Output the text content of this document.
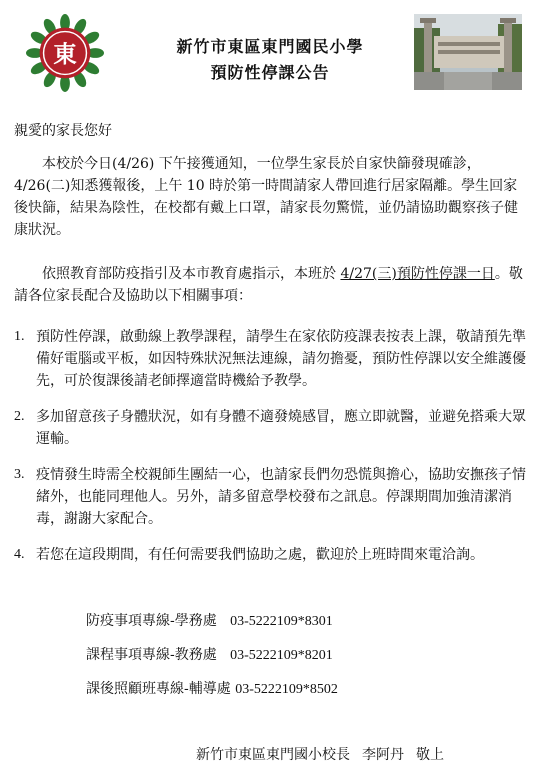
東	新竹市東區東門國民小學
預防性停課公告
親愛的家長您好

本校於今日(4/26) 下午接獲通知，一位學生家長於自家快篩發現確診，4/26(二)知悉獲報後，上午 10 時於第一時間請家人帶回進行居家隔離。學生回家後快篩，結果為陰性，在校都有戴上口罩，請家長勿驚慌，並仍請協助觀察孩子健康狀況。

依照教育部防疫指引及本市教育處指示，本班於 4/27(三)預防性停課一日。敬請各位家長配合及協助以下相關事項：

1. 預防性停課，啟動線上教學課程，請學生在家依防疫課表按表上課，敬請預先準備好電腦或平板，如因特殊狀況無法連線，請勿擔憂，預防性停課以安全維護優先，可於復課後請老師擇適當時機給予教學。
2. 多加留意孩子身體狀況，如有身體不適發燒感冒，應立即就醫，並避免搭乘大眾運輸。
3. 疫情發生時需全校親師生團結一心，也請家長們勿恐慌與擔心，協助安撫孩子情緒外，也能同理他人。另外，請多留意學校發布之訊息。停課期間加強清潔消毒，謝謝大家配合。
4. 若您在這段期間，有任何需要我們協助之處，歡迎於上班時間來電洽詢。
防疫事項專線-學務處 03-5222109*8301
課程事項專線-教務處 03-5222109*8201
課後照顧班專線-輔導處 03-5222109*8502
新竹市東區東門國小校長 李阿丹 敬上
